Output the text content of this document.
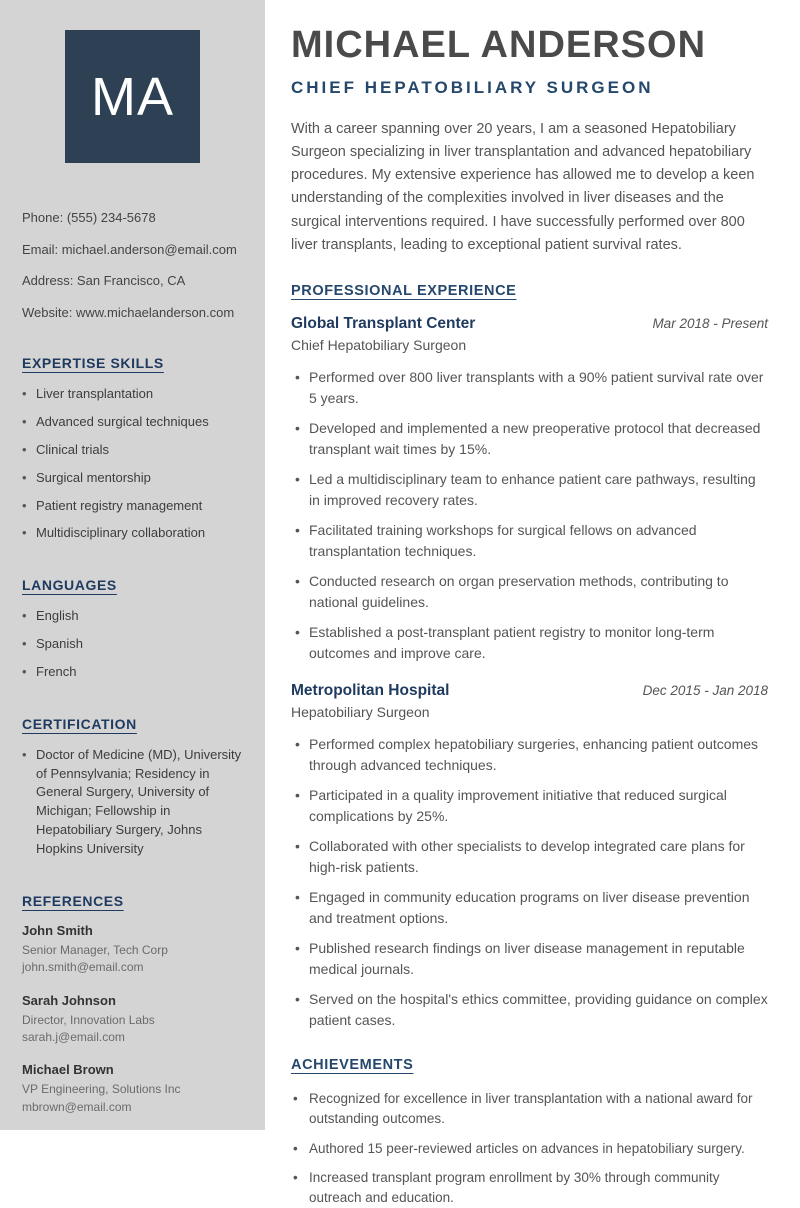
MA
Phone: (555) 234-5678
Email: michael.anderson@email.com
Address: San Francisco, CA
Website: www.michaelanderson.com
EXPERTISE SKILLS
• Liver transplantation
• Advanced surgical techniques
• Clinical trials
• Surgical mentorship
• Patient registry management
• Multidisciplinary collaboration
LANGUAGES
• English
• Spanish
• French
CERTIFICATION
• Doctor of Medicine (MD), University of Pennsylvania; Residency in General Surgery, University of Michigan; Fellowship in Hepatobiliary Surgery, Johns Hopkins University
REFERENCES
John Smith
Senior Manager, Tech Corp
john.smith@email.com
Sarah Johnson
Director, Innovation Labs
sarah.j@email.com
Michael Brown
VP Engineering, Solutions Inc
mbrown@email.com
MICHAEL ANDERSON
CHIEF HEPATOBILIARY SURGEON

With a career spanning over 20 years, I am a seasoned Hepatobiliary Surgeon specializing in liver transplantation and advanced hepatobiliary procedures. My extensive experience has allowed me to develop a keen understanding of the complexities involved in liver diseases and the surgical interventions required. I have successfully performed over 800 liver transplants, leading to exceptional patient survival rates.

PROFESSIONAL EXPERIENCE
Global Transplant Center	Mar 2018 - Present
Chief Hepatobiliary Surgeon
• Performed over 800 liver transplants with a 90% patient survival rate over 5 years.
• Developed and implemented a new preoperative protocol that decreased transplant wait times by 15%.
• Led a multidisciplinary team to enhance patient care pathways, resulting in improved recovery rates.
• Facilitated training workshops for surgical fellows on advanced transplantation techniques.
• Conducted research on organ preservation methods, contributing to national guidelines.
• Established a post-transplant patient registry to monitor long-term outcomes and improve care.
Metropolitan Hospital	Dec 2015 - Jan 2018
Hepatobiliary Surgeon
• Performed complex hepatobiliary surgeries, enhancing patient outcomes through advanced techniques.
• Participated in a quality improvement initiative that reduced surgical complications by 25%.
• Collaborated with other specialists to develop integrated care plans for high-risk patients.
• Engaged in community education programs on liver disease prevention and treatment options.
• Published research findings on liver disease management in reputable medical journals.
• Served on the hospital's ethics committee, providing guidance on complex patient cases.
ACHIEVEMENTS
• Recognized for excellence in liver transplantation with a national award for outstanding outcomes.
• Authored 15 peer-reviewed articles on advances in hepatobiliary surgery.
• Increased transplant program enrollment by 30% through community outreach and education.
